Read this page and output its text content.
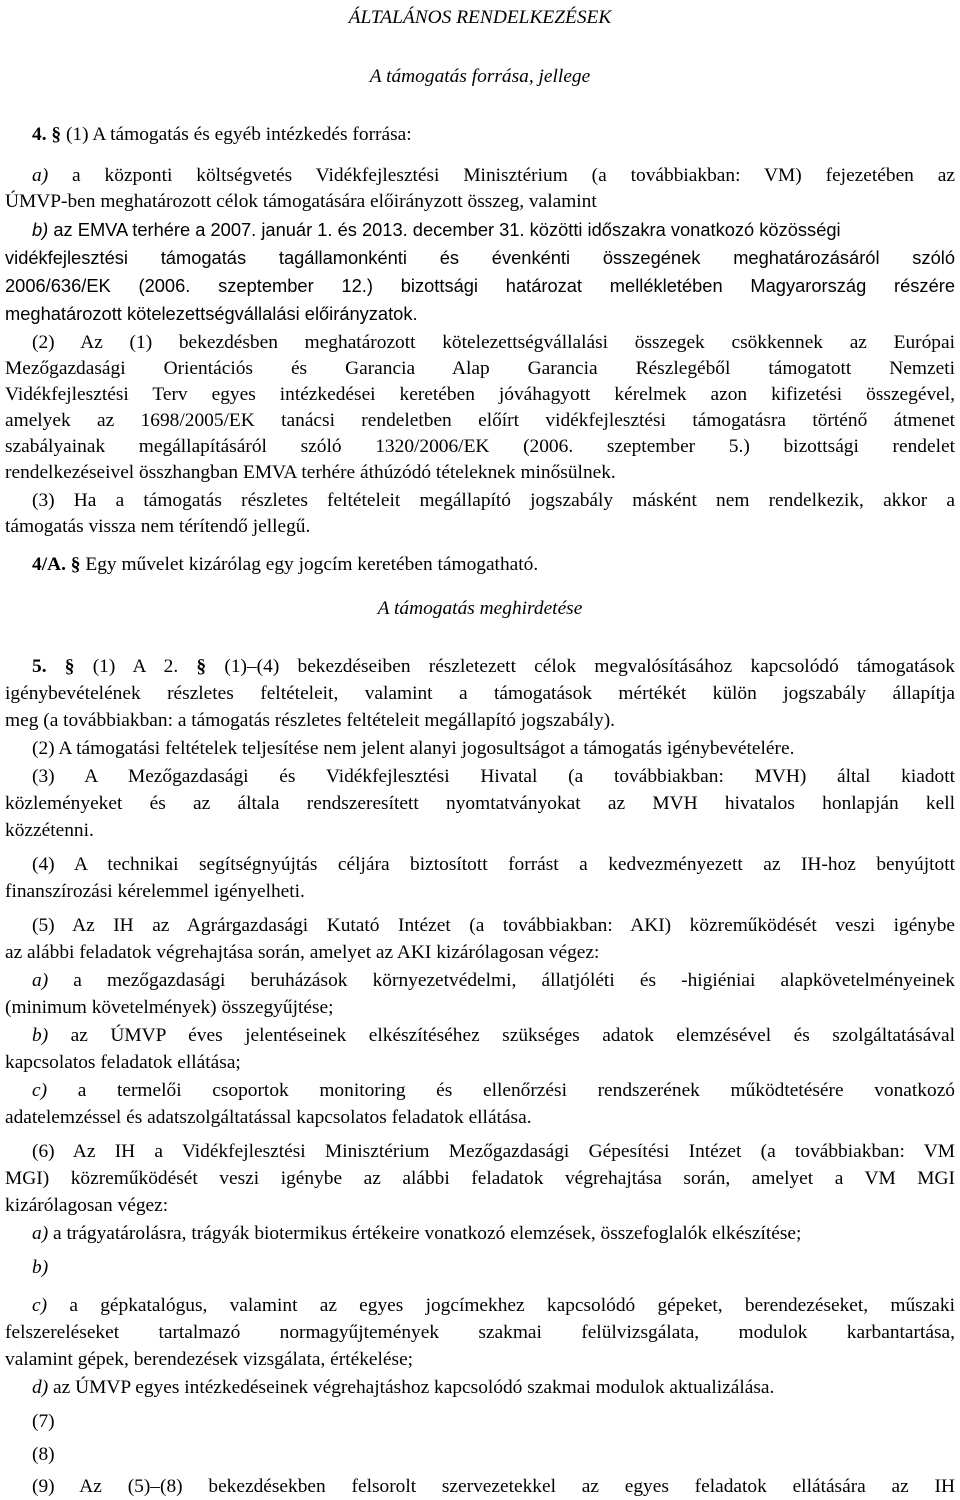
ÁLTALÁNOS RENDELKEZÉSEK
A támogatás forrása, jellege
4. § (1) A támogatás és egyéb intézkedés forrása:
a) a központi költségvetés Vidékfejlesztési Minisztérium (a továbbiakban: VM) fejezetében az
ÚMVP-ben meghatározott célok támogatására előirányzott összeg, valamint
b) az EMVA terhére a 2007. január 1. és 2013. december 31. közötti időszakra vonatkozó közösségi
vidékfejlesztési támogatás tagállamonkénti és évenkénti összegének meghatározásáról szóló
2006/636/EK (2006. szeptember 12.) bizottsági határozat mellékletében Magyarország részére
meghatározott kötelezettségvállalási előirányzatok.
(2) Az (1) bekezdésben meghatározott kötelezettségvállalási összegek csökkennek az Európai
Mezőgazdasági Orientációs és Garancia Alap Garancia Részlegéből támogatott Nemzeti
Vidékfejlesztési Terv egyes intézkedései keretében jóváhagyott kérelmek azon kifizetési összegével,
amelyek az 1698/2005/EK tanácsi rendeletben előírt vidékfejlesztési támogatásra történő átmenet
szabályainak megállapításáról szóló 1320/2006/EK (2006. szeptember 5.) bizottsági rendelet
rendelkezéseivel összhangban EMVA terhére áthúzódó tételeknek minősülnek.
(3) Ha a támogatás részletes feltételeit megállapító jogszabály másként nem rendelkezik, akkor a
támogatás vissza nem térítendő jellegű.
4/A. § Egy művelet kizárólag egy jogcím keretében támogatható.
A támogatás meghirdetése
5. § (1) A 2. § (1)–(4) bekezdéseiben részletezett célok megvalósításához kapcsolódó támogatások
igénybevételének részletes feltételeit, valamint a támogatások mértékét külön jogszabály állapítja
meg (a továbbiakban: a támogatás részletes feltételeit megállapító jogszabály).
(2) A támogatási feltételek teljesítése nem jelent alanyi jogosultságot a támogatás igénybevételére.
(3) A Mezőgazdasági és Vidékfejlesztési Hivatal (a továbbiakban: MVH) által kiadott
közleményeket és az általa rendszeresített nyomtatványokat az MVH hivatalos honlapján kell
közzétenni.
(4) A technikai segítségnyújtás céljára biztosított forrást a kedvezményezett az IH-hoz benyújtott
finanszírozási kérelemmel igényelheti.
(5) Az IH az Agrárgazdasági Kutató Intézet (a továbbiakban: AKI) közreműködését veszi igénybe
az alábbi feladatok végrehajtása során, amelyet az AKI kizárólagosan végez:
a) a mezőgazdasági beruházások környezetvédelmi, állatjóléti és -higiéniai alapkövetelményeinek
(minimum követelmények) összegyűjtése;
b) az ÚMVP éves jelentéseinek elkészítéséhez szükséges adatok elemzésével és szolgáltatásával
kapcsolatos feladatok ellátása;
c) a termelői csoportok monitoring és ellenőrzési rendszerének működtetésére vonatkozó
adatelemzéssel és adatszolgáltatással kapcsolatos feladatok ellátása.
(6) Az IH a Vidékfejlesztési Minisztérium Mezőgazdasági Gépesítési Intézet (a továbbiakban: VM
MGI) közreműködését veszi igénybe az alábbi feladatok végrehajtása során, amelyet a VM MGI
kizárólagosan végez:
a) a trágyatárolásra, trágyák biotermikus értékeire vonatkozó elemzések, összefoglalók elkészítése;
b)
c) a gépkatalógus, valamint az egyes jogcímekhez kapcsolódó gépeket, berendezéseket, műszaki
felszereléseket tartalmazó normagyűjtemények szakmai felülvizsgálata, modulok karbantartása,
valamint gépek, berendezések vizsgálata, értékelése;
d) az ÚMVP egyes intézkedéseinek végrehajtáshoz kapcsolódó szakmai modulok aktualizálása.
(7)
(8)
(9) Az (5)–(8) bekezdésekben felsorolt szervezetekkel az egyes feladatok ellátására az IH
